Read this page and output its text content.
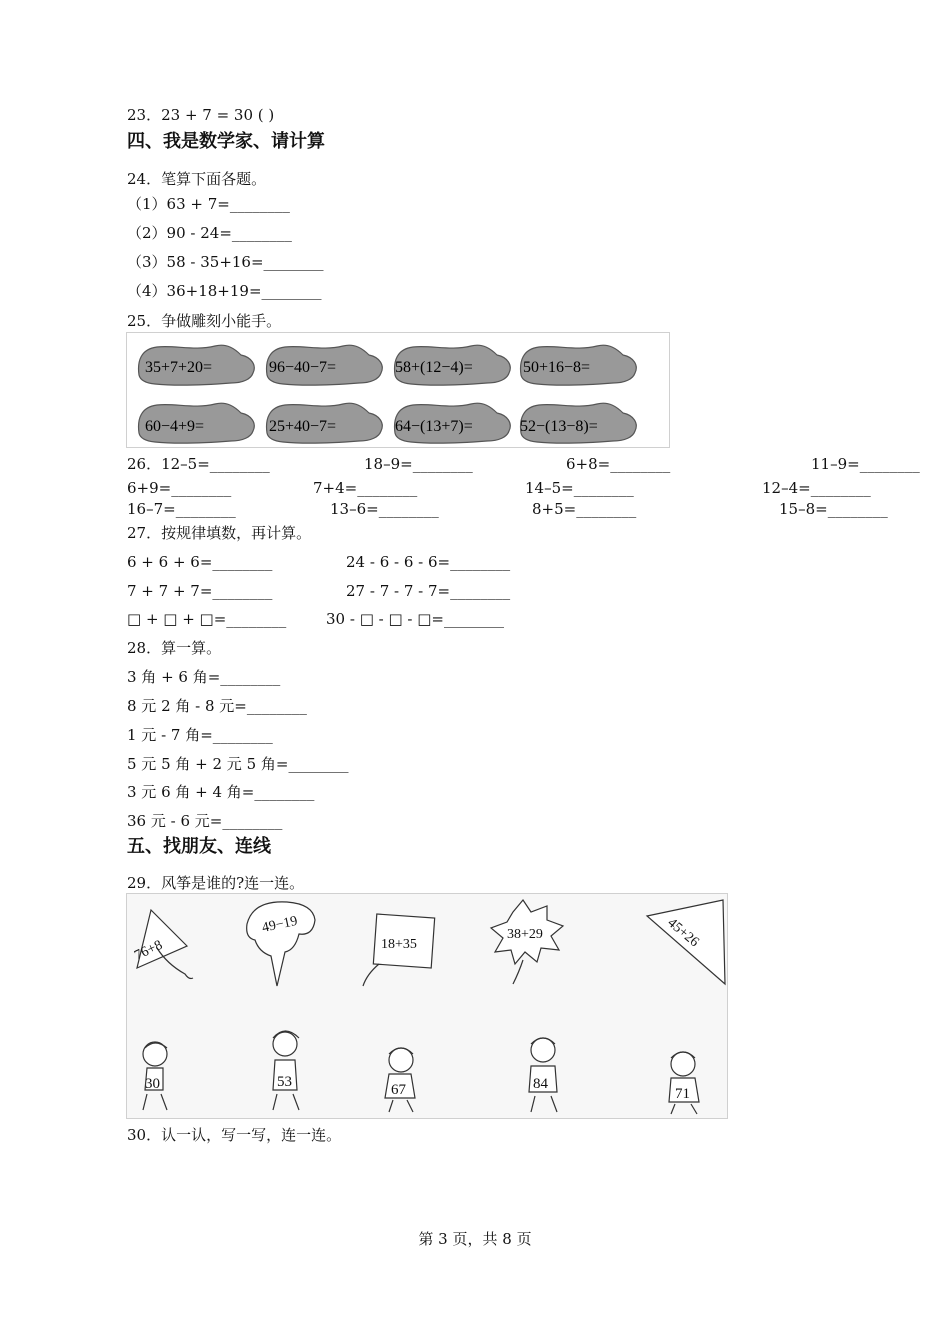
23．23 + 7 = 30 ( )
四、我是数学家、请计算
24．笔算下面各题。
（1）63 + 7=________
（2）90 - 24=________
（3）58 - 35+16=________
（4）36+18+19=________
25．争做雕刻小能手。
35+7+20=	96−40−7=	58+(12−4)=	50+16−8=
60−4+9=	25+40−7=	64−(13+7)=	52−(13−8)=
26．12–5=________	18–9=________	6+8=________	11–9=________
6+9=________	7+4=________	14–5=________	12–4=________
16–7=________	13–6=________	8+5=________	15–8=________
27．按规律填数，再计算。
6 + 6 + 6=________	24 - 6 - 6 - 6=________
7 + 7 + 7=________	27 - 7 - 7 - 7=________
□ + □ + □=________	30 - □ - □ - □=________
28．算一算。
3 角 + 6 角=________
8 元 2 角 - 8 元=________
1 元 - 7 角=________
5 元 5 角 + 2 元 5 角=________
3 元 6 角 + 4 角=________
36 元 - 6 元=________
五、找朋友、连线
29．风筝是谁的?连一连。
76+8
49−19
18+35
38+29	45+26
30	53	67	84
71
30．认一认，写一写，连一连。
第 3 页，共 8 页
